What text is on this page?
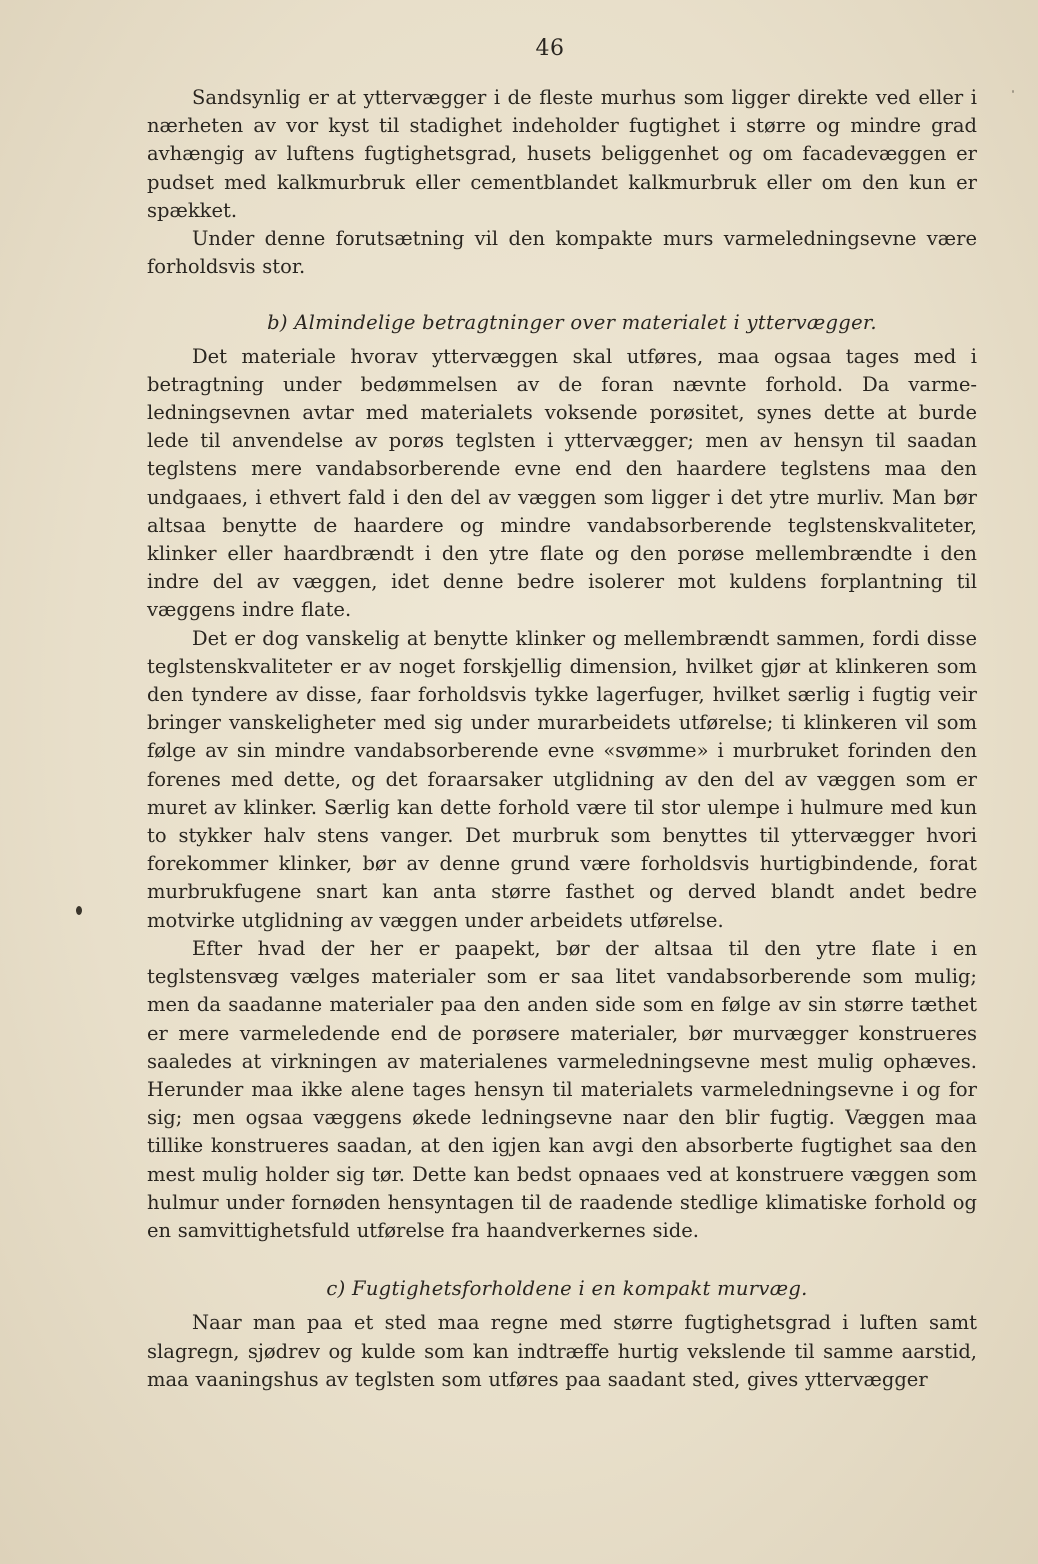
46

Sandsynlig er at yttervægger i de fleste murhus som ligger direkte ved eller i nærheten av vor kyst til stadighet indeholder fugtighet i større og mindre grad avhængig av luftens fugtighetsgrad, husets beliggenhet og om facadevæggen er pudset med kalkmurbruk eller cementblandet kalkmurbruk eller om den kun er spækket.

Under denne forutsætning vil den kompakte murs varmeledningsevne være forholdsvis stor.

b) Almindelige betragtninger over materialet i yttervægger.

Det materiale hvorav yttervæggen skal utføres, maa ogsaa tages med i betragtning under bedømmelsen av de foran nævnte forhold. Da varmeledningsevnen avtar med materialets voksende porøsitet, synes dette at burde lede til anvendelse av porøs teglsten i yttervægger; men av hensyn til saadan teglstens mere vandabsorberende evne end den haardere teglstens maa den undgaaes, i ethvert fald i den del av væggen som ligger i det ytre murliv. Man bør altsaa benytte de haardere og mindre vandabsorberende teglstenskvaliteter, klinker eller haardbrændt i den ytre flate og den porøse mellembrændte i den indre del av væggen, idet denne bedre isolerer mot kuldens forplantning til væggens indre flate.

Det er dog vanskelig at benytte klinker og mellembrændt sammen, fordi disse teglstenskvaliteter er av noget forskjellig dimension, hvilket gjør at klinkeren som den tyndere av disse, faar forholdsvis tykke lagerfuger, hvilket særlig i fugtig veir bringer vanskeligheter med sig under murarbeidets utførelse; ti klinkeren vil som følge av sin mindre vandabsorberende evne «svømme» i murbruket forinden den forenes med dette, og det foraarsaker utglidning av den del av væggen som er muret av klinker. Særlig kan dette forhold være til stor ulempe i hulmure med kun to stykker halv stens vanger. Det murbruk som benyttes til yttervægger hvori forekommer klinker, bør av denne grund være forholdsvis hurtigbindende, forat murbrukfugene snart kan anta større fasthet og derved blandt andet bedre motvirke utglidning av væggen under arbeidets utførelse.

Efter hvad der her er paapekt, bør der altsaa til den ytre flate i en teglstensvæg vælges materialer som er saa litet vandabsorberende som mulig; men da saadanne materialer paa den anden side som en følge av sin større tæthet er mere varmeledende end de porøsere materialer, bør murvægger konstrueres saaledes at virkningen av materialenes varmeledningsevne mest mulig ophæves. Herunder maa ikke alene tages hensyn til materialets varmeledningsevne i og for sig; men ogsaa væggens økede ledningsevne naar den blir fugtig. Væggen maa tillike konstrueres saadan, at den igjen kan avgi den absorberte fugtighet saa den mest mulig holder sig tør. Dette kan bedst opnaaes ved at konstruere væggen som hulmur under fornøden hensyntagen til de raadende stedlige klimatiske forhold og en samvittighetsfuld utførelse fra haandverkernes side.

c) Fugtighetsforholdene i en kompakt murvæg.

Naar man paa et sted maa regne med større fugtighetsgrad i luften samt slagregn, sjødrev og kulde som kan indtræffe hurtig vekslende til samme aarstid, maa vaaningshus av teglsten som utføres paa saadant sted, gives yttervægger
